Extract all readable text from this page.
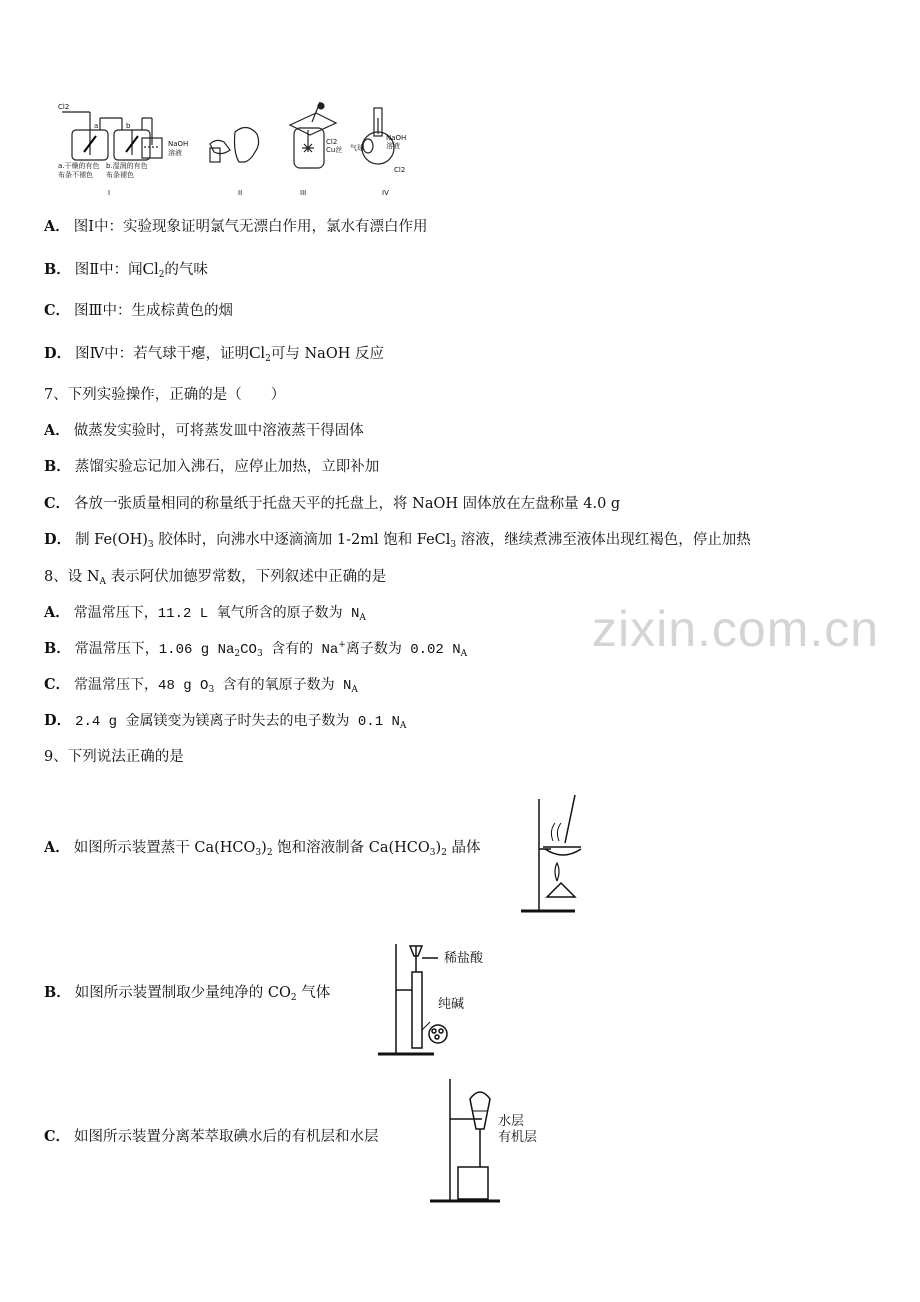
Cl2
a	b
NaOH
溶液
a.干燥的有色
布条不褪色
b.湿润的有色
布条褪色
I	II
Cl2
Cu丝
III
NaOH
溶液
气球
Cl2
IV
A． 图Ⅰ中：实验现象证明氯气无漂白作用，氯水有漂白作用
B． 图Ⅱ中：闻$Cl_2$的气味
C． 图Ⅲ中：生成棕黄色的烟
D． 图Ⅳ中：若气球干瘪，证明$Cl_2$可与 NaOH 反应
7、下列实验操作，正确的是（　　）
A． 做蒸发实验时，可将蒸发皿中溶液蒸干得固体
B． 蒸馏实验忘记加入沸石，应停止加热，立即补加
C． 各放一张质量相同的称量纸于托盘天平的托盘上，将 NaOH 固体放在左盘称量 4.0 g
D． 制 $Fe(OH)_3$ 胶体时，向沸水中逐滴滴加 1-2ml 饱和 FeCl$_3$ 溶液，继续煮沸至液体出现红褐色，停止加热
8、设 $N_A$ 表示阿伏加德罗常数，下列叙述中正确的是
A． 常温常压下，11.2 L 氧气所含的原子数为 $N_A$
B． 常温常压下，1.06 g $Na_2CO_3$ 含有的 Na+离子数为 0.02 $N_A$
C． 常温常压下，48 g $O_3$ 含有的氧原子数为 $N_A$
D． 2.4 g 金属镁变为镁离子时失去的电子数为 0.1 $N_A$
9、下列说法正确的是
A． 如图所示装置蒸干 $Ca(HCO_3)_2$ 饱和溶液制备 $Ca(HCO_3)_2$ 晶体
B． 如图所示装置制取少量纯净的 $CO_2$ 气体
稀盐酸
纯碱
C． 如图所示装置分离苯萃取碘水后的有机层和水层
水层
有机层
zixin.com.cn
